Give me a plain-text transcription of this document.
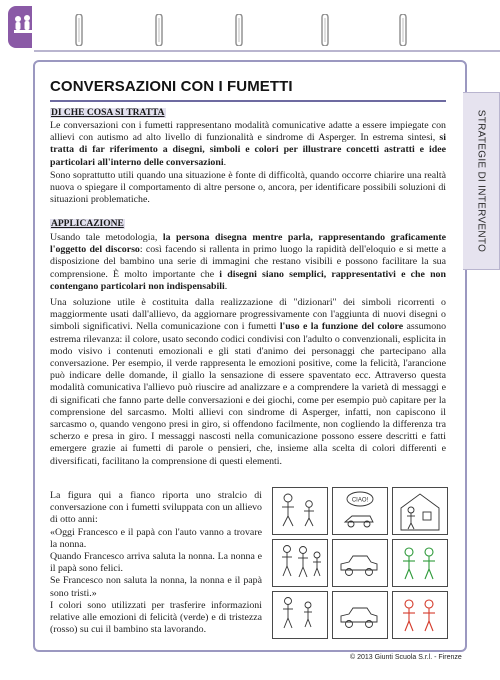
STRATEGIE DI INTERVENTO
CONVERSAZIONI CON I FUMETTI
DI CHE COSA SI TRATTA
Le conversazioni con i fumetti rappresentano modalità comunicative adatte a essere impiegate con allievi con autismo ad alto livello di funzionalità e sindrome di Asperger. In estrema sintesi, si tratta di far riferimento a disegni, simboli e colori per illustrare concetti astratti e idee particolari all'interno delle conversazioni.
Sono soprattutto utili quando una situazione è fonte di difficoltà, quando occorre chiarire una realtà nuova o spiegare il comportamento di altre persone o, ancora, per identificare possibili soluzioni di situazioni problematiche.
APPLICAZIONE
Usando tale metodologia, la persona disegna mentre parla, rappresentando graficamente l'oggetto del discorso: così facendo si rallenta in primo luogo la rapidità dell'eloquio e si mette a disposizione del bambino una serie di immagini che restano visibili e possono facilitare la sua comprensione. È molto importante che i disegni siano semplici, rappresentativi e che non contengano particolari non indispensabili.
Una soluzione utile è costituita dalla realizzazione di "dizionari" dei simboli ricorrenti o maggiormente usati dall'allievo, da aggiornare progressivamente con l'aggiunta di nuovi disegni o simboli significativi. Nella comunicazione con i fumetti l'uso e la funzione del colore assumono estrema rilevanza: il colore, usato secondo codici condivisi con l'adulto o convenzionali, esplicita in modo visivo i contenuti emozionali e gli stati d'animo dei personaggi che partecipano alla conversazione. Per esempio, il verde rappresenta le emozioni positive, come la felicità, l'arancione può indicare delle domande, il giallo la sensazione di essere spaventato ecc. Attraverso questa modalità comunicativa l'allievo può riuscire ad analizzare e a comprendere la varietà di messaggi e di significati che fanno parte delle conversazioni e dei giochi, come per esempio può capitare per la comprensione del sarcasmo. Molti allievi con sindrome di Asperger, infatti, non capiscono il sarcasmo o, quando vengono presi in giro, si offendono facilmente, non cogliendo la differenza tra scherzo e presa in giro. I messaggi nascosti nella comunicazione possono essere descritti e fatti emergere grazie ai fumetti di parole o pensieri, che, insieme alla scelta di colori differenti e diversificati, facilitano la comprensione di questi elementi.

La figura qui a fianco riporta uno stralcio di conversazione con i fumetti sviluppata con un allievo di otto anni:

«Oggi Francesco e il papà con l'auto vanno a trovare la nonna.

Quando Francesco arriva saluta la nonna. La nonna e il papà sono felici.

Se Francesco non saluta la nonna, la nonna e il papà sono tristi.»

I colori sono utilizzati per trasferire informazioni relative alle emozioni di felicità (verde) e di tristezza (rosso) su cui il bambino sta lavorando.

CIAO!
© 2013 Giunti Scuola S.r.l. - Firenze
